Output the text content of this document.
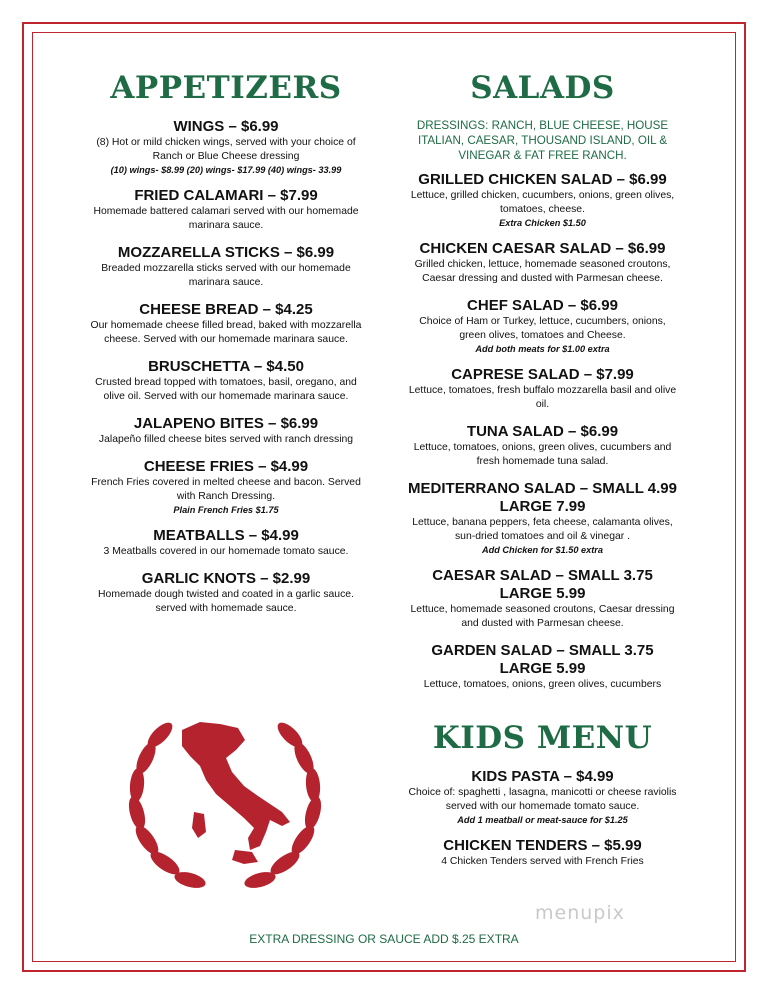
APPETIZERS
WINGS – $6.99
(8) Hot or mild chicken wings, served with your choice of Ranch or Blue Cheese dressing
(10) wings- $8.99 (20) wings- $17.99 (40) wings- 33.99
FRIED CALAMARI – $7.99
Homemade battered calamari served with our homemade marinara sauce.
MOZZARELLA STICKS – $6.99
Breaded mozzarella sticks served with our homemade marinara sauce.
CHEESE BREAD – $4.25
Our homemade cheese filled bread, baked with mozzarella cheese. Served with our homemade marinara sauce.
BRUSCHETTA – $4.50
Crusted bread topped with tomatoes, basil, oregano, and olive oil. Served with our homemade marinara sauce.
JALAPENO BITES – $6.99
Jalapeño filled cheese bites served with ranch dressing
CHEESE FRIES – $4.99
French Fries covered in melted cheese and bacon. Served with Ranch Dressing.
Plain French Fries $1.75
MEATBALLS – $4.99
3 Meatballs covered in our homemade tomato sauce.
GARLIC KNOTS – $2.99
Homemade dough twisted and coated in a garlic sauce. served with homemade sauce.
SALADS
DRESSINGS: RANCH, BLUE CHEESE, HOUSE ITALIAN, CAESAR, THOUSAND ISLAND, OIL & VINEGAR & FAT FREE RANCH.
GRILLED CHICKEN SALAD – $6.99
Lettuce, grilled chicken, cucumbers, onions, green olives, tomatoes, cheese.
Extra Chicken $1.50
CHICKEN CAESAR SALAD – $6.99
Grilled chicken, lettuce, homemade seasoned croutons, Caesar dressing and dusted with Parmesan cheese.
CHEF SALAD – $6.99
Choice of Ham or Turkey, lettuce, cucumbers, onions, green olives, tomatoes and Cheese.
Add both meats for $1.00 extra
CAPRESE SALAD – $7.99
Lettuce, tomatoes, fresh buffalo mozzarella basil and olive oil.
TUNA SALAD – $6.99
Lettuce, tomatoes, onions, green olives, cucumbers and fresh homemade tuna salad.
MEDITERRANO SALAD – SMALL 4.99 LARGE 7.99
Lettuce, banana peppers, feta cheese, calamanta olives, sun-dried tomatoes and oil & vinegar .
Add Chicken for $1.50 extra
CAESAR SALAD – SMALL 3.75 LARGE 5.99
Lettuce, homemade seasoned croutons, Caesar dressing and dusted with Parmesan cheese.
GARDEN SALAD – SMALL 3.75 LARGE 5.99
Lettuce, tomatoes, onions, green olives, cucumbers
KIDS MENU
KIDS PASTA – $4.99
Choice of: spaghetti , lasagna, manicotti or cheese raviolis served with our homemade tomato sauce.
Add 1 meatball or meat-sauce for $1.25
CHICKEN TENDERS – $5.99
4 Chicken Tenders served with French Fries
menupix
EXTRA DRESSING OR SAUCE ADD $.25 EXTRA
